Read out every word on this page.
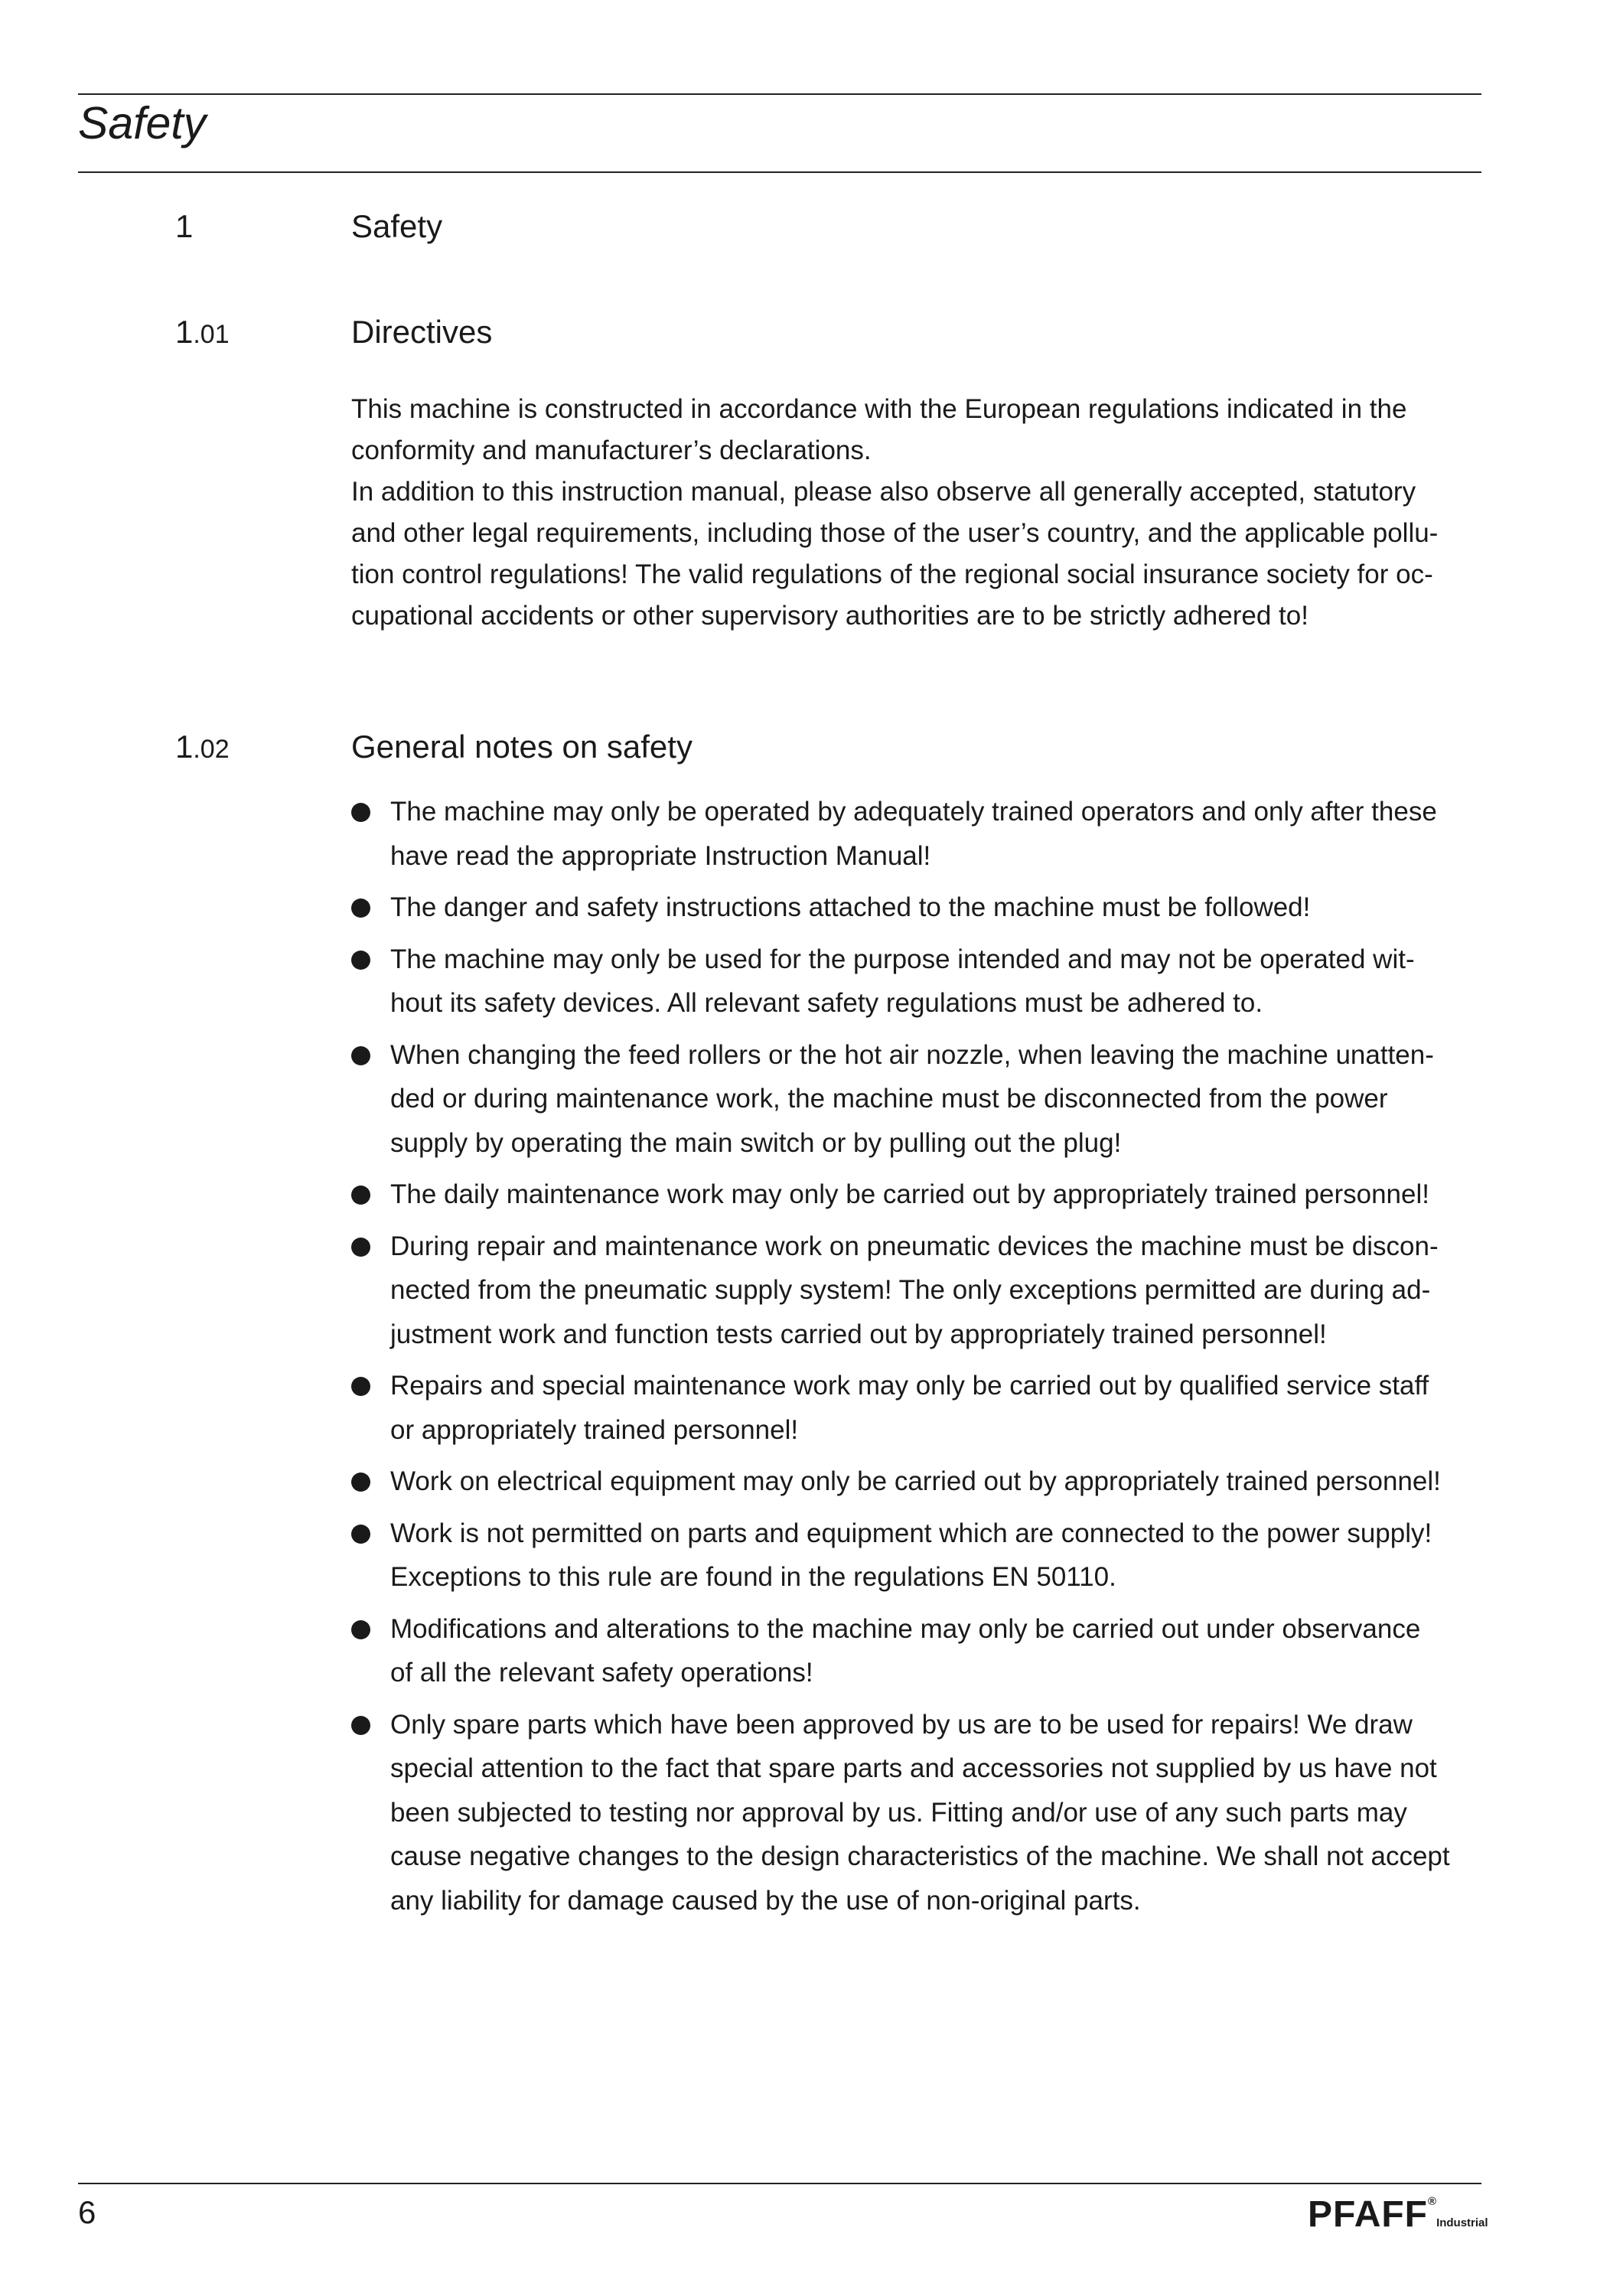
Safety
1	Safety
1.01	Directives

This machine is constructed in accordance with the European regulations indicated in the
conformity and manufacturer’s declarations.
In addition to this instruction manual, please also observe all generally accepted, statutory
and other legal requirements, including those of the user’s country, and the applicable pollu-
tion control regulations! The valid regulations of the regional social insurance society for oc-
cupational accidents or other supervisory authorities are to be strictly adhered to!

1.02	General notes on safety
The machine may only be operated by adequately trained operators and only after these
have read the appropriate Instruction Manual!
The danger and safety instructions attached to the machine must be followed!
The machine may only be used for the purpose intended and may not be operated wit-
hout its safety devices. All relevant safety regulations must be adhered to.
When changing the feed rollers or the hot air nozzle, when leaving the machine unatten-
ded or during maintenance work, the machine must be disconnected from the power
supply by operating the main switch or by pulling out the plug!
The daily maintenance work may only be carried out by appropriately trained personnel!
During repair and maintenance work on pneumatic devices the machine must be discon-
nected from the pneumatic supply system! The only exceptions permitted are during ad-
justment work and function tests carried out by appropriately trained personnel!
Repairs and special maintenance work may only be carried out by qualified service staff
or appropriately trained personnel!
Work on electrical equipment may only be carried out by appropriately trained personnel!
Work is not permitted on parts and equipment which are connected to the power supply!
Exceptions to this rule are found in the regulations EN 50110.
Modifications and alterations to the machine may only be carried out under observance
of all the relevant safety operations!
Only spare parts which have been approved by us are to be used for repairs! We draw
special attention to the fact that spare parts and accessories not supplied by us have not
been subjected to testing nor approval by us. Fitting and/or use of any such parts may
cause negative changes to the design characteristics of the machine. We shall not accept
any liability for damage caused by the use of non-original parts.
6	PFAFF®Industrial
